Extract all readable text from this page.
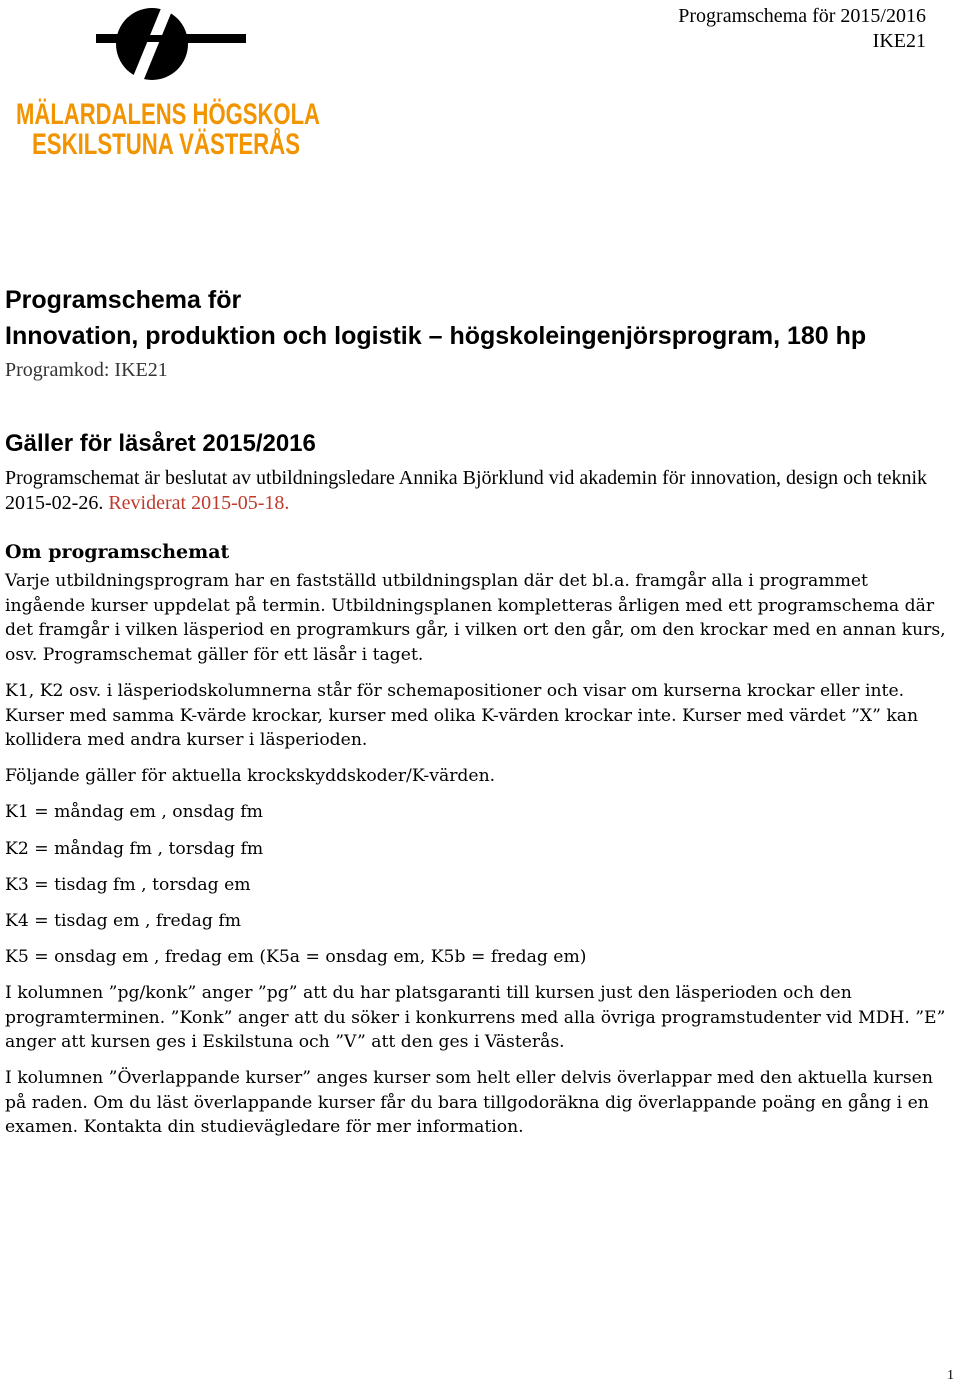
MÄLARDALENS HÖGSKOLA
ESKILSTUNA VÄSTERÅS
Programschema för 2015/2016
IKE21
Programschema för
Innovation, produktion och logistik – högskoleingenjörsprogram, 180 hp
Programkod: IKE21
Gäller för läsåret 2015/2016
Programschemat är beslutat av utbildningsledare Annika Björklund vid akademin för innovation, design och teknik 2015-02-26. Reviderat 2015-05-18.
Om programschemat

Varje utbildningsprogram har en fastställd utbildningsplan där det bl.a. framgår alla i programmet ingående kurser uppdelat på termin. Utbildningsplanen kompletteras årligen med ett programschema där det framgår i vilken läsperiod en programkurs går, i vilken ort den går, om den krockar med en annan kurs, osv. Programschemat gäller för ett läsår i taget.

K1, K2 osv. i läsperiodskolumnerna står för schemapositioner och visar om kurserna krockar eller inte. Kurser med samma K-värde krockar, kurser med olika K-värden krockar inte. Kurser med värdet ”X” kan kollidera med andra kurser i läsperioden.

Följande gäller för aktuella krockskyddskoder/K-värden.

K1 = måndag em , onsdag fm

K2 = måndag fm , torsdag fm

K3 = tisdag fm , torsdag em

K4 = tisdag em , fredag fm

K5 = onsdag em , fredag em (K5a = onsdag em, K5b = fredag em)

I kolumnen ”pg/konk” anger ”pg” att du har platsgaranti till kursen just den läsperioden och den programterminen. ”Konk” anger att du söker i konkurrens med alla övriga programstudenter vid MDH. ”E” anger att kursen ges i Eskilstuna och ”V” att den ges i Västerås.

I kolumnen ”Överlappande kurser” anges kurser som helt eller delvis överlappar med den aktuella kursen på raden. Om du läst överlappande kurser får du bara tillgodoräkna dig överlappande poäng en gång i en examen. Kontakta din studievägledare för mer information.

1
